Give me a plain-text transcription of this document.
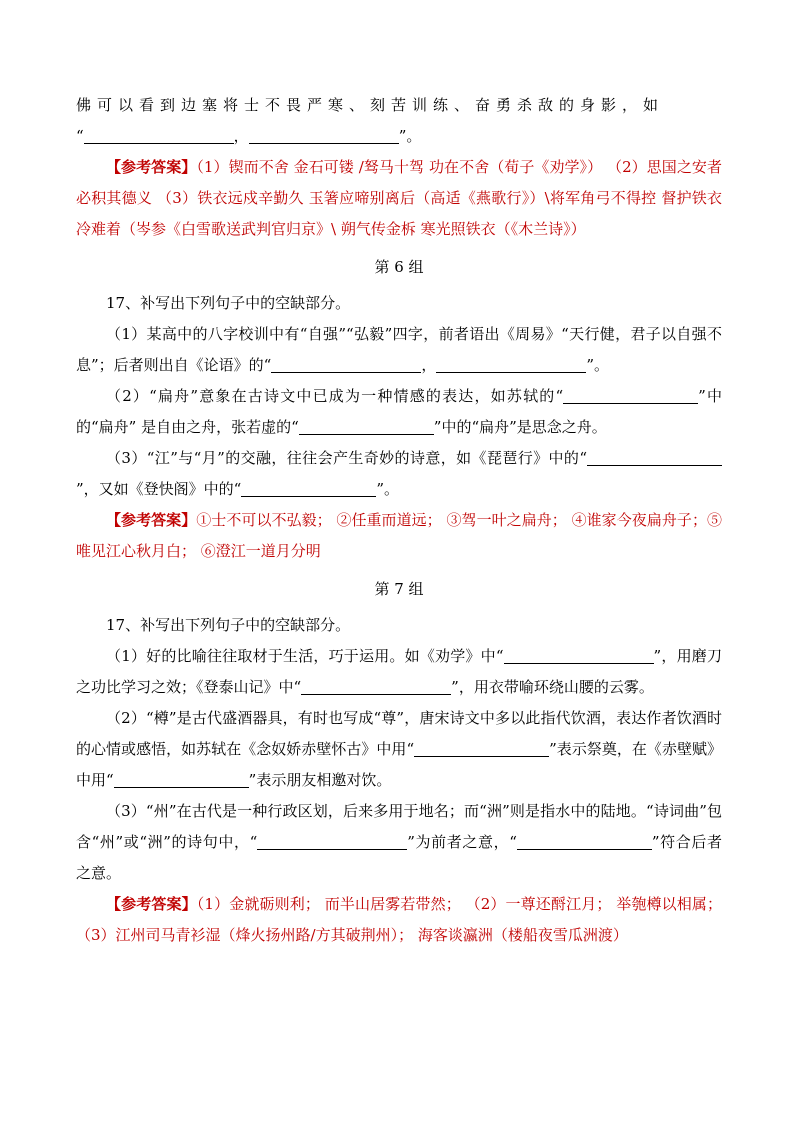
佛可以看到边塞将士不畏严寒、刻苦训练、奋勇杀敌的身影，如

“	，	”。

【参考答案】（1）锲而不舍 金石可镂 /驽马十驾 功在不舍（荀子《劝学》） （2）思国之安者 必积其德义 （3）铁衣远戍辛勤久 玉箸应啼别离后（高适《燕歌行》）\将军角弓不得控 督护铁衣冷难着（岑参《白雪歌送武判官归京》\ 朔气传金柝 寒光照铁衣（《木兰诗》）

第 6 组

17、补写出下列句子中的空缺部分。

（1）某高中的八字校训中有“自强”“弘毅”四字，前者语出《周易》“天行健，君子以自强不息”；后者则出自《论语》的“	，	”。

（2）“扁舟”意象在古诗文中已成为一种情感的表达，如苏轼的“	”中的“扁舟” 是自由之舟，张若虚的“	”中的“扁舟”是思念之舟。

（3）“江”与“月”的交融，往往会产生奇妙的诗意，如《琵琶行》中的“”，又如《登快阁》中的“	”。

【参考答案】①士不可以不弘毅； ②任重而道远； ③驾一叶之扁舟； ④谁家今夜扁舟子；⑤唯见江心秋月白； ⑥澄江一道月分明

第 7 组

17、补写出下列句子中的空缺部分。

（1）好的比喻往往取材于生活，巧于运用。如《劝学》中“	”，用磨刀之功比学习之效；《登泰山记》中“	”，用衣带喻环绕山腰的云雾。

（2）“樽”是古代盛酒器具，有时也写成“尊”，唐宋诗文中多以此指代饮酒，表达作者饮酒时的心情或感悟，如苏轼在《念奴娇赤壁怀古》中用“	”表示祭奠，在《赤壁赋》中用“	”表示朋友相邀对饮。

（3）“州”在古代是一种行政区划，后来多用于地名；而“洲”则是指水中的陆地。“诗词曲”包含“州”或“洲”的诗句中，“	”为前者之意，“	”符合后者之意。

【参考答案】（1）金就砺则利； 而半山居雾若带然； （2）一尊还酹江月； 举匏樽以相属；（3）江州司马青衫湿（烽火扬州路/方其破荆州）； 海客谈瀛洲（楼船夜雪瓜洲渡）
